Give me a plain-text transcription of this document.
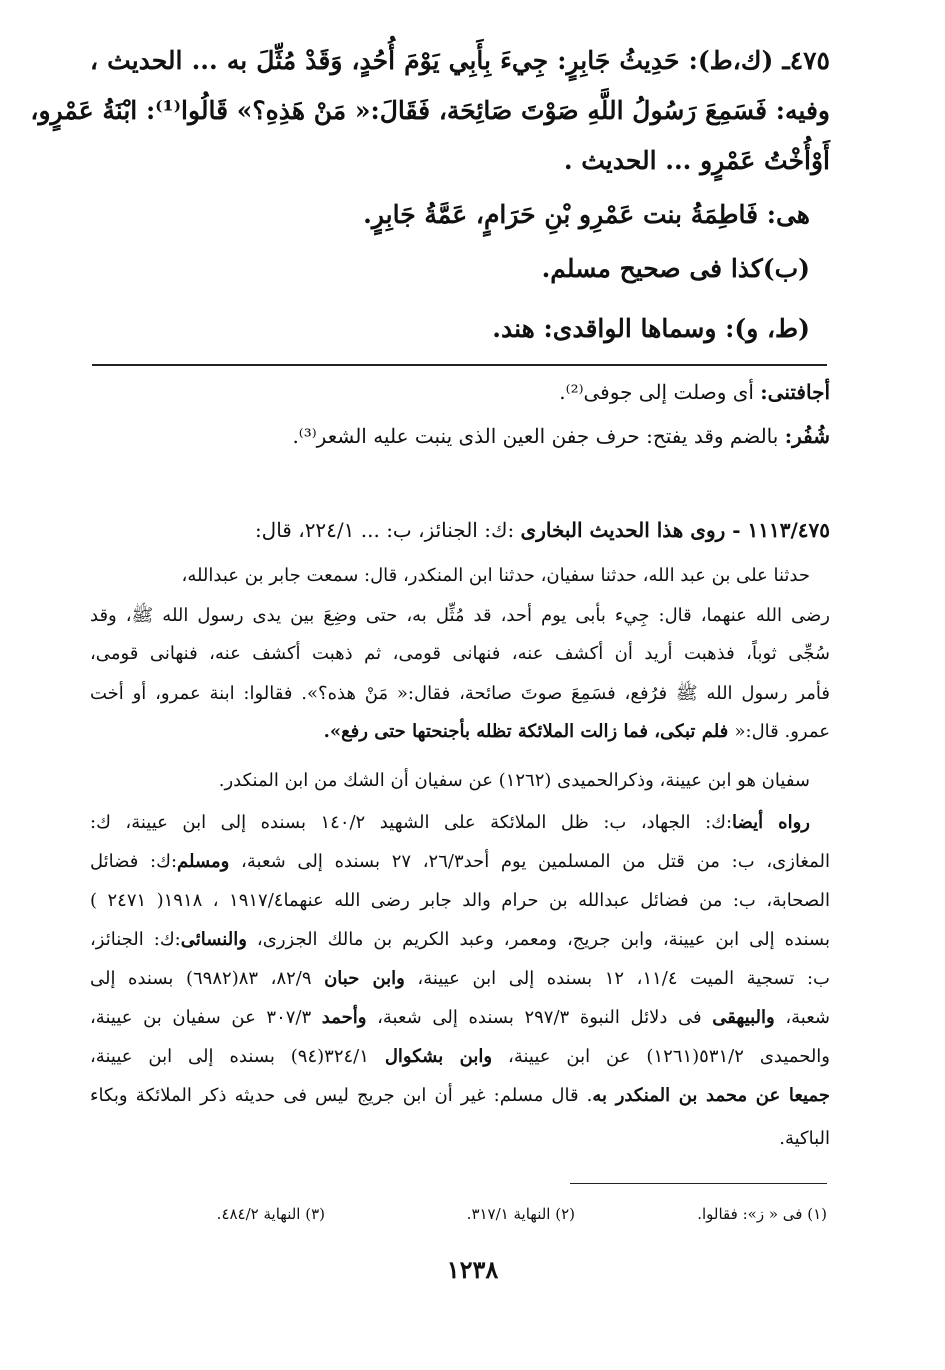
٤٧٥ـ (ك،ط): حَدِيثُ جَابِرٍ: جِيءَ بِأَبِي يَوْمَ أُحُدٍ، وَقَدْ مُثِّلَ به ... الحديث ،
وفيه: فَسَمِعَ رَسُولُ اللَّهِ صَوْتَ صَائِحَة، فَقَالَ:« مَنْ هَذِهِ؟» قَالُوا⁽¹⁾: ابْنَةُ عَمْرٍو،
أَوْأُخْتُ عَمْرٍو ... الحديث .
هى: فَاطِمَةُ بنت عَمْرِو بْنِ حَرَامٍ، عَمَّةُ جَابِرٍ.
(ب)كذا فى صحيح مسلم.
(ط، و): وسماها الواقدى: هند.
أجافتنى: أى وصلت إلى جوفى⁽²⁾.
شُفُر: بالضم وقد يفتح: حرف جفن العين الذى ينبت عليه الشعر⁽³⁾.
١١١٣/٤٧٥ - روى هذا الحديث البخارى :ك: الجنائز، ب: ... ٢٢٤/١، قال:
حدثنا على بن عبد الله، حدثنا سفيان، حدثنا ابن المنكدر، قال: سمعت جابر بن عبدالله،
رضى الله عنهما، قال: جِيء بأبى يوم أحد، قد مُثِّل به، حتى وضِعَ بين يدى رسول الله ﷺ، وقد
سُجِّى ثوباً، فذهبت أريد أن أكشف عنه، فنهانى قومى، ثم ذهبت أكشف عنه، فنهانى قومى،
فأمر رسول الله ﷺ فرُفع، فسَمِعَ صوتَ صائحة، فقال:« مَنْ هذه؟». فقالوا: ابنة عمرو، أو أخت
عمرو. قال:« فلم تبكى، فما زالت الملائكة تظله بأجنحتها حتى رفع».
سفيان هو ابن عيينة، وذكرالحميدى (١٢٦٢) عن سفيان أن الشك من ابن المنكدر.
رواه أيضا:ك: الجهاد، ب: ظل الملائكة على الشهيد ١٤٠/٢ بسنده إلى ابن عيينة، ك:
المغازى، ب: من قتل من المسلمين يوم أحد٢٦/٣، ٢٧ بسنده إلى شعبة، ومسلم:ك: فضائل
الصحابة، ب: من فضائل عبدالله بن حرام والد جابر رضى الله عنهما١٩١٧/٤ ، ١٩١٨( ٢٤٧١ )
بسنده إلى ابن عيينة، وابن جريج، ومعمر، وعبد الكريم بن مالك الجزرى، والنسائى:ك: الجنائز،
ب: تسجية الميت ١١/٤، ١٢ بسنده إلى ابن عيينة، وابن حبان ٨٢/٩، ٨٣(٦٩٨٢) بسنده إلى
شعبة، والبيهقى فى دلائل النبوة ٢٩٧/٣ بسنده إلى شعبة، وأحمد ٣٠٧/٣ عن سفيان بن عيينة،
والحميدى ٥٣١/٢(١٢٦١) عن ابن عيينة، وابن بشكوال ٣٢٤/١(٩٤) بسنده إلى ابن عيينة،
جميعا عن محمد بن المنكدر به. قال مسلم: غير أن ابن جريج ليس فى حديثه ذكر الملائكة وبكاء
الباكية.
(١) فى « ز»: فقالوا.
(٢) النهاية ٣١٧/١.
(٣) النهاية ٤٨٤/٢.
١٢٣٨
